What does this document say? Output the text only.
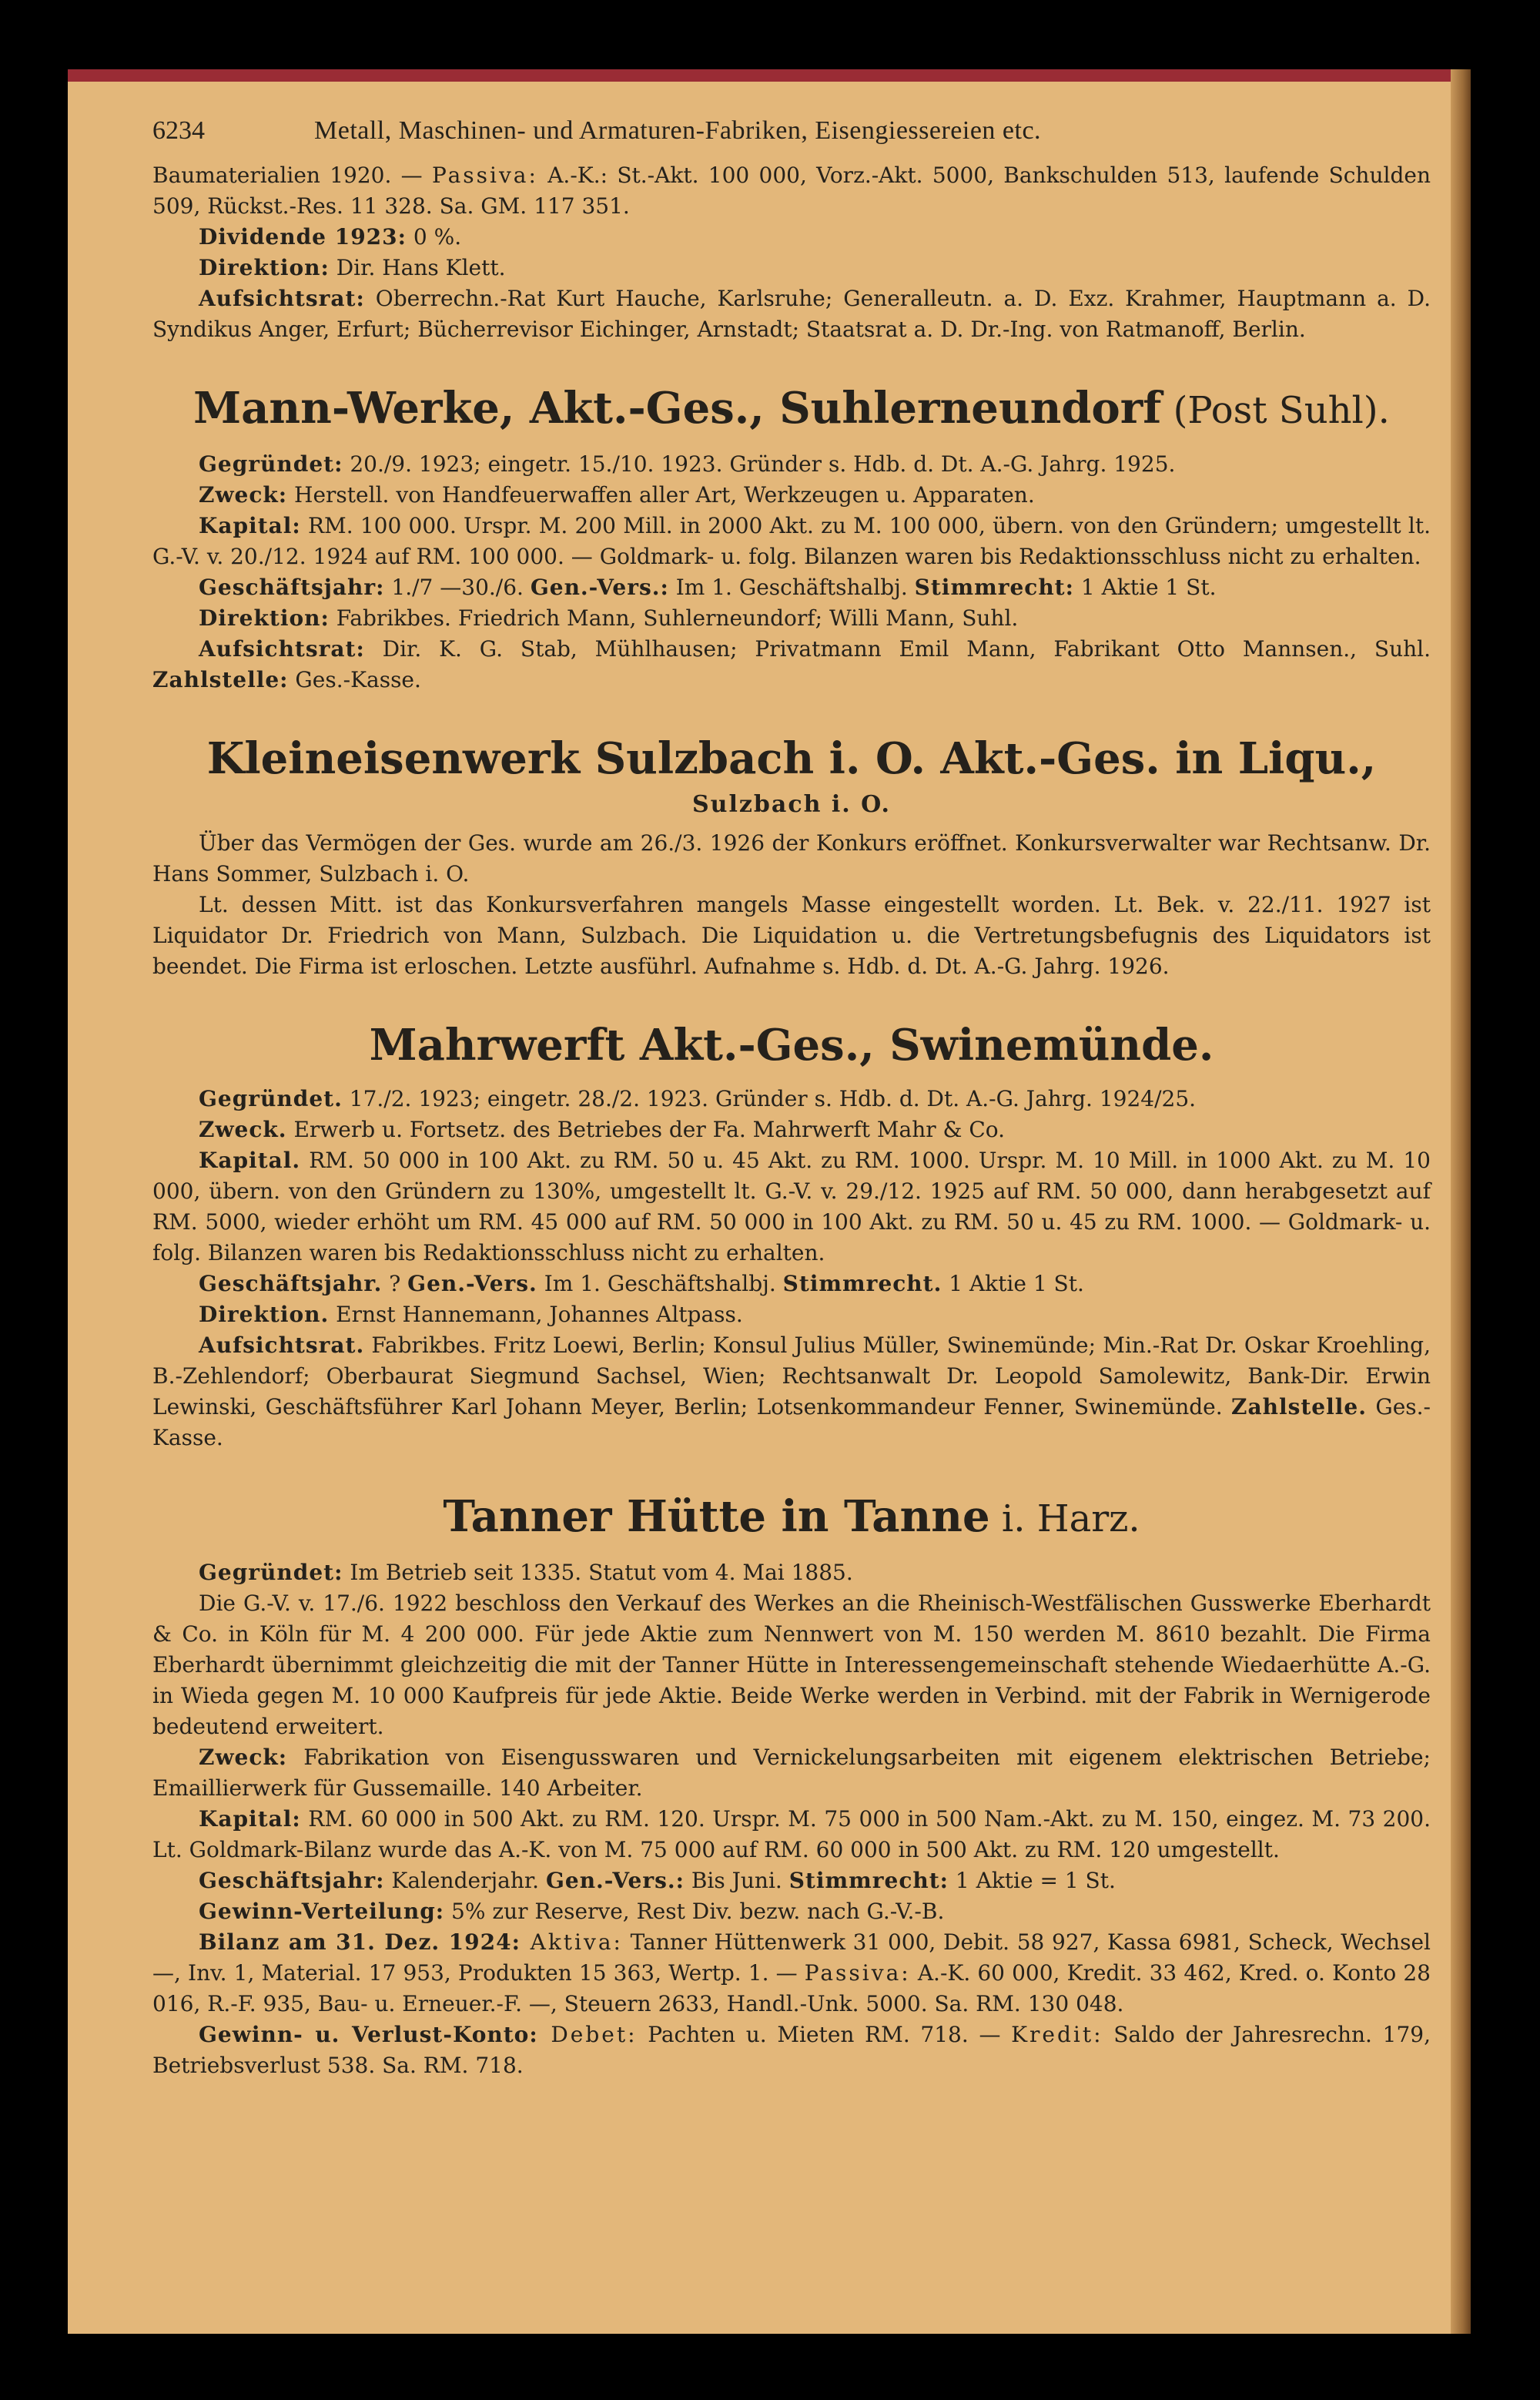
6234	Metall, Maschinen- und Armaturen-Fabriken, Eisengiessereien etc.

Baumaterialien 1920. — Passiva: A.-K.: St.-Akt. 100 000, Vorz.-Akt. 5000, Bankschulden 513, laufende Schulden 509, Rückst.-Res. 11 328. Sa. GM. 117 351.

Dividende 1923: 0 %.

Direktion: Dir. Hans Klett.

Aufsichtsrat: Oberrechn.-Rat Kurt Hauche, Karlsruhe; Generalleutn. a. D. Exz. Krahmer, Hauptmann a. D. Syndikus Anger, Erfurt; Bücherrevisor Eichinger, Arnstadt; Staatsrat a. D. Dr.-Ing. von Ratmanoff, Berlin.

Mann-Werke, Akt.-Ges., Suhlerneundorf (Post Suhl).

Gegründet: 20./9. 1923; eingetr. 15./10. 1923. Gründer s. Hdb. d. Dt. A.-G. Jahrg. 1925.

Zweck: Herstell. von Handfeuerwaffen aller Art, Werkzeugen u. Apparaten.

Kapital: RM. 100 000. Urspr. M. 200 Mill. in 2000 Akt. zu M. 100 000, übern. von den Gründern; umgestellt lt. G.-V. v. 20./12. 1924 auf RM. 100 000. — Goldmark- u. folg. Bilanzen waren bis Redaktionsschluss nicht zu erhalten.

Geschäftsjahr: 1./7 —30./6. Gen.-Vers.: Im 1. Geschäftshalbj. Stimmrecht: 1 Aktie 1 St.

Direktion: Fabrikbes. Friedrich Mann, Suhlerneundorf; Willi Mann, Suhl.

Aufsichtsrat: Dir. K. G. Stab, Mühlhausen; Privatmann Emil Mann, Fabrikant Otto Mannsen., Suhl. Zahlstelle: Ges.-Kasse.

Kleineisenwerk Sulzbach i. O. Akt.-Ges. in Liqu.,
Sulzbach i. O.

Über das Vermögen der Ges. wurde am 26./3. 1926 der Konkurs eröffnet. Konkursverwalter war Rechtsanw. Dr. Hans Sommer, Sulzbach i. O.

Lt. dessen Mitt. ist das Konkursverfahren mangels Masse eingestellt worden. Lt. Bek. v. 22./11. 1927 ist Liquidator Dr. Friedrich von Mann, Sulzbach. Die Liquidation u. die Vertretungsbefugnis des Liquidators ist beendet. Die Firma ist erloschen. Letzte ausführl. Aufnahme s. Hdb. d. Dt. A.-G. Jahrg. 1926.

Mahrwerft Akt.-Ges., Swinemünde.

Gegründet. 17./2. 1923; eingetr. 28./2. 1923. Gründer s. Hdb. d. Dt. A.-G. Jahrg. 1924/25.

Zweck. Erwerb u. Fortsetz. des Betriebes der Fa. Mahrwerft Mahr & Co.

Kapital. RM. 50 000 in 100 Akt. zu RM. 50 u. 45 Akt. zu RM. 1000. Urspr. M. 10 Mill. in 1000 Akt. zu M. 10 000, übern. von den Gründern zu 130%, umgestellt lt. G.-V. v. 29./12. 1925 auf RM. 50 000, dann herabgesetzt auf RM. 5000, wieder erhöht um RM. 45 000 auf RM. 50 000 in 100 Akt. zu RM. 50 u. 45 zu RM. 1000. — Goldmark- u. folg. Bilanzen waren bis Redaktionsschluss nicht zu erhalten.

Geschäftsjahr. ? Gen.-Vers. Im 1. Geschäftshalbj. Stimmrecht. 1 Aktie 1 St.

Direktion. Ernst Hannemann, Johannes Altpass.

Aufsichtsrat. Fabrikbes. Fritz Loewi, Berlin; Konsul Julius Müller, Swinemünde; Min.-Rat Dr. Oskar Kroehling, B.-Zehlendorf; Oberbaurat Siegmund Sachsel, Wien; Rechtsanwalt Dr. Leopold Samolewitz, Bank-Dir. Erwin Lewinski, Geschäftsführer Karl Johann Meyer, Berlin; Lotsenkommandeur Fenner, Swinemünde. Zahlstelle. Ges.-Kasse.

Tanner Hütte in Tanne i. Harz.

Gegründet: Im Betrieb seit 1335. Statut vom 4. Mai 1885.

Die G.-V. v. 17./6. 1922 beschloss den Verkauf des Werkes an die Rheinisch-Westfälischen Gusswerke Eberhardt & Co. in Köln für M. 4 200 000. Für jede Aktie zum Nennwert von M. 150 werden M. 8610 bezahlt. Die Firma Eberhardt übernimmt gleichzeitig die mit der Tanner Hütte in Interessengemeinschaft stehende Wiedaerhütte A.-G. in Wieda gegen M. 10 000 Kaufpreis für jede Aktie. Beide Werke werden in Verbind. mit der Fabrik in Wernigerode bedeutend erweitert.

Zweck: Fabrikation von Eisengusswaren und Vernickelungsarbeiten mit eigenem elektrischen Betriebe; Emaillierwerk für Gussemaille. 140 Arbeiter.

Kapital: RM. 60 000 in 500 Akt. zu RM. 120. Urspr. M. 75 000 in 500 Nam.-Akt. zu M. 150, eingez. M. 73 200. Lt. Goldmark-Bilanz wurde das A.-K. von M. 75 000 auf RM. 60 000 in 500 Akt. zu RM. 120 umgestellt.

Geschäftsjahr: Kalenderjahr. Gen.-Vers.: Bis Juni. Stimmrecht: 1 Aktie = 1 St.

Gewinn-Verteilung: 5% zur Reserve, Rest Div. bezw. nach G.-V.-B.

Bilanz am 31. Dez. 1924: Aktiva: Tanner Hüttenwerk 31 000, Debit. 58 927, Kassa 6981, Scheck, Wechsel —, Inv. 1, Material. 17 953, Produkten 15 363, Wertp. 1. — Passiva: A.-K. 60 000, Kredit. 33 462, Kred. o. Konto 28 016, R.-F. 935, Bau- u. Erneuer.-F. —, Steuern 2633, Handl.-Unk. 5000. Sa. RM. 130 048.

Gewinn- u. Verlust-Konto: Debet: Pachten u. Mieten RM. 718. — Kredit: Saldo der Jahresrechn. 179, Betriebsverlust 538. Sa. RM. 718.
